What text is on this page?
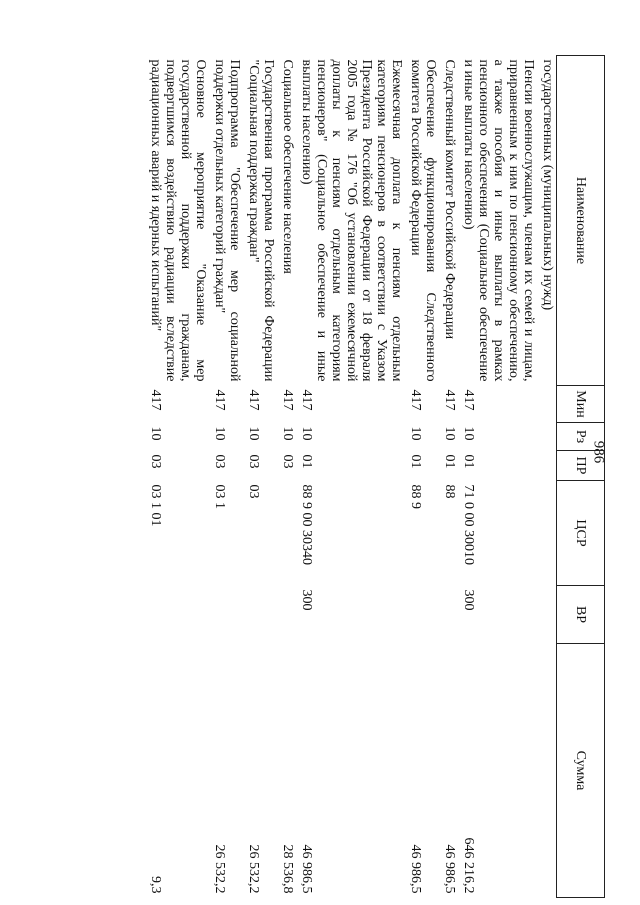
986
Наименование	Мин	Рз	ПР	ЦСР	ВР	Сумма
государственных (муниципальных) нужд)						
Пенсии военнослужащим, членам их семей и лицам, приравненным к ним по пенсионному обеспечению, а также пособия и иные выплаты в рамках пенсионного обеспечения (Социальное обеспечение и иные выплаты населению)	417	10	01	71 0 00 30010	300	646 216,2
Следственный комитет Российской Федерации	417	10	01	88		46 986,5
Обеспечение функционирования Следственного комитета Российской Федерации	417	10	01	88 9		46 986,5
Ежемесячная доплата к пенсиям отдельным категориям пенсионеров в соответствии с Указом Президента Российской Федерации от 18 февраля 2005 года № 176 "Об установлении ежемесячной доплаты к пенсиям отдельным категориям пенсионеров" (Социальное обеспечение и иные выплаты населению)	417	10	01	88 9 00 30340	300	46 986,5
Социальное обеспечение населения	417	10	03			28 536,8
Государственная программа Российской Федерации "Социальная поддержка граждан"	417	10	03	03		26 532,2
Подпрограмма "Обеспечение мер социальной поддержки отдельных категорий граждан"	417	10	03	03 1		26 532,2
Основное мероприятие "Оказание мер государственной поддержки гражданам, подвергшимся воздействию радиации вследствие радиационных аварий и ядерных испытаний"	417	10	03	03 1 01		9,3
